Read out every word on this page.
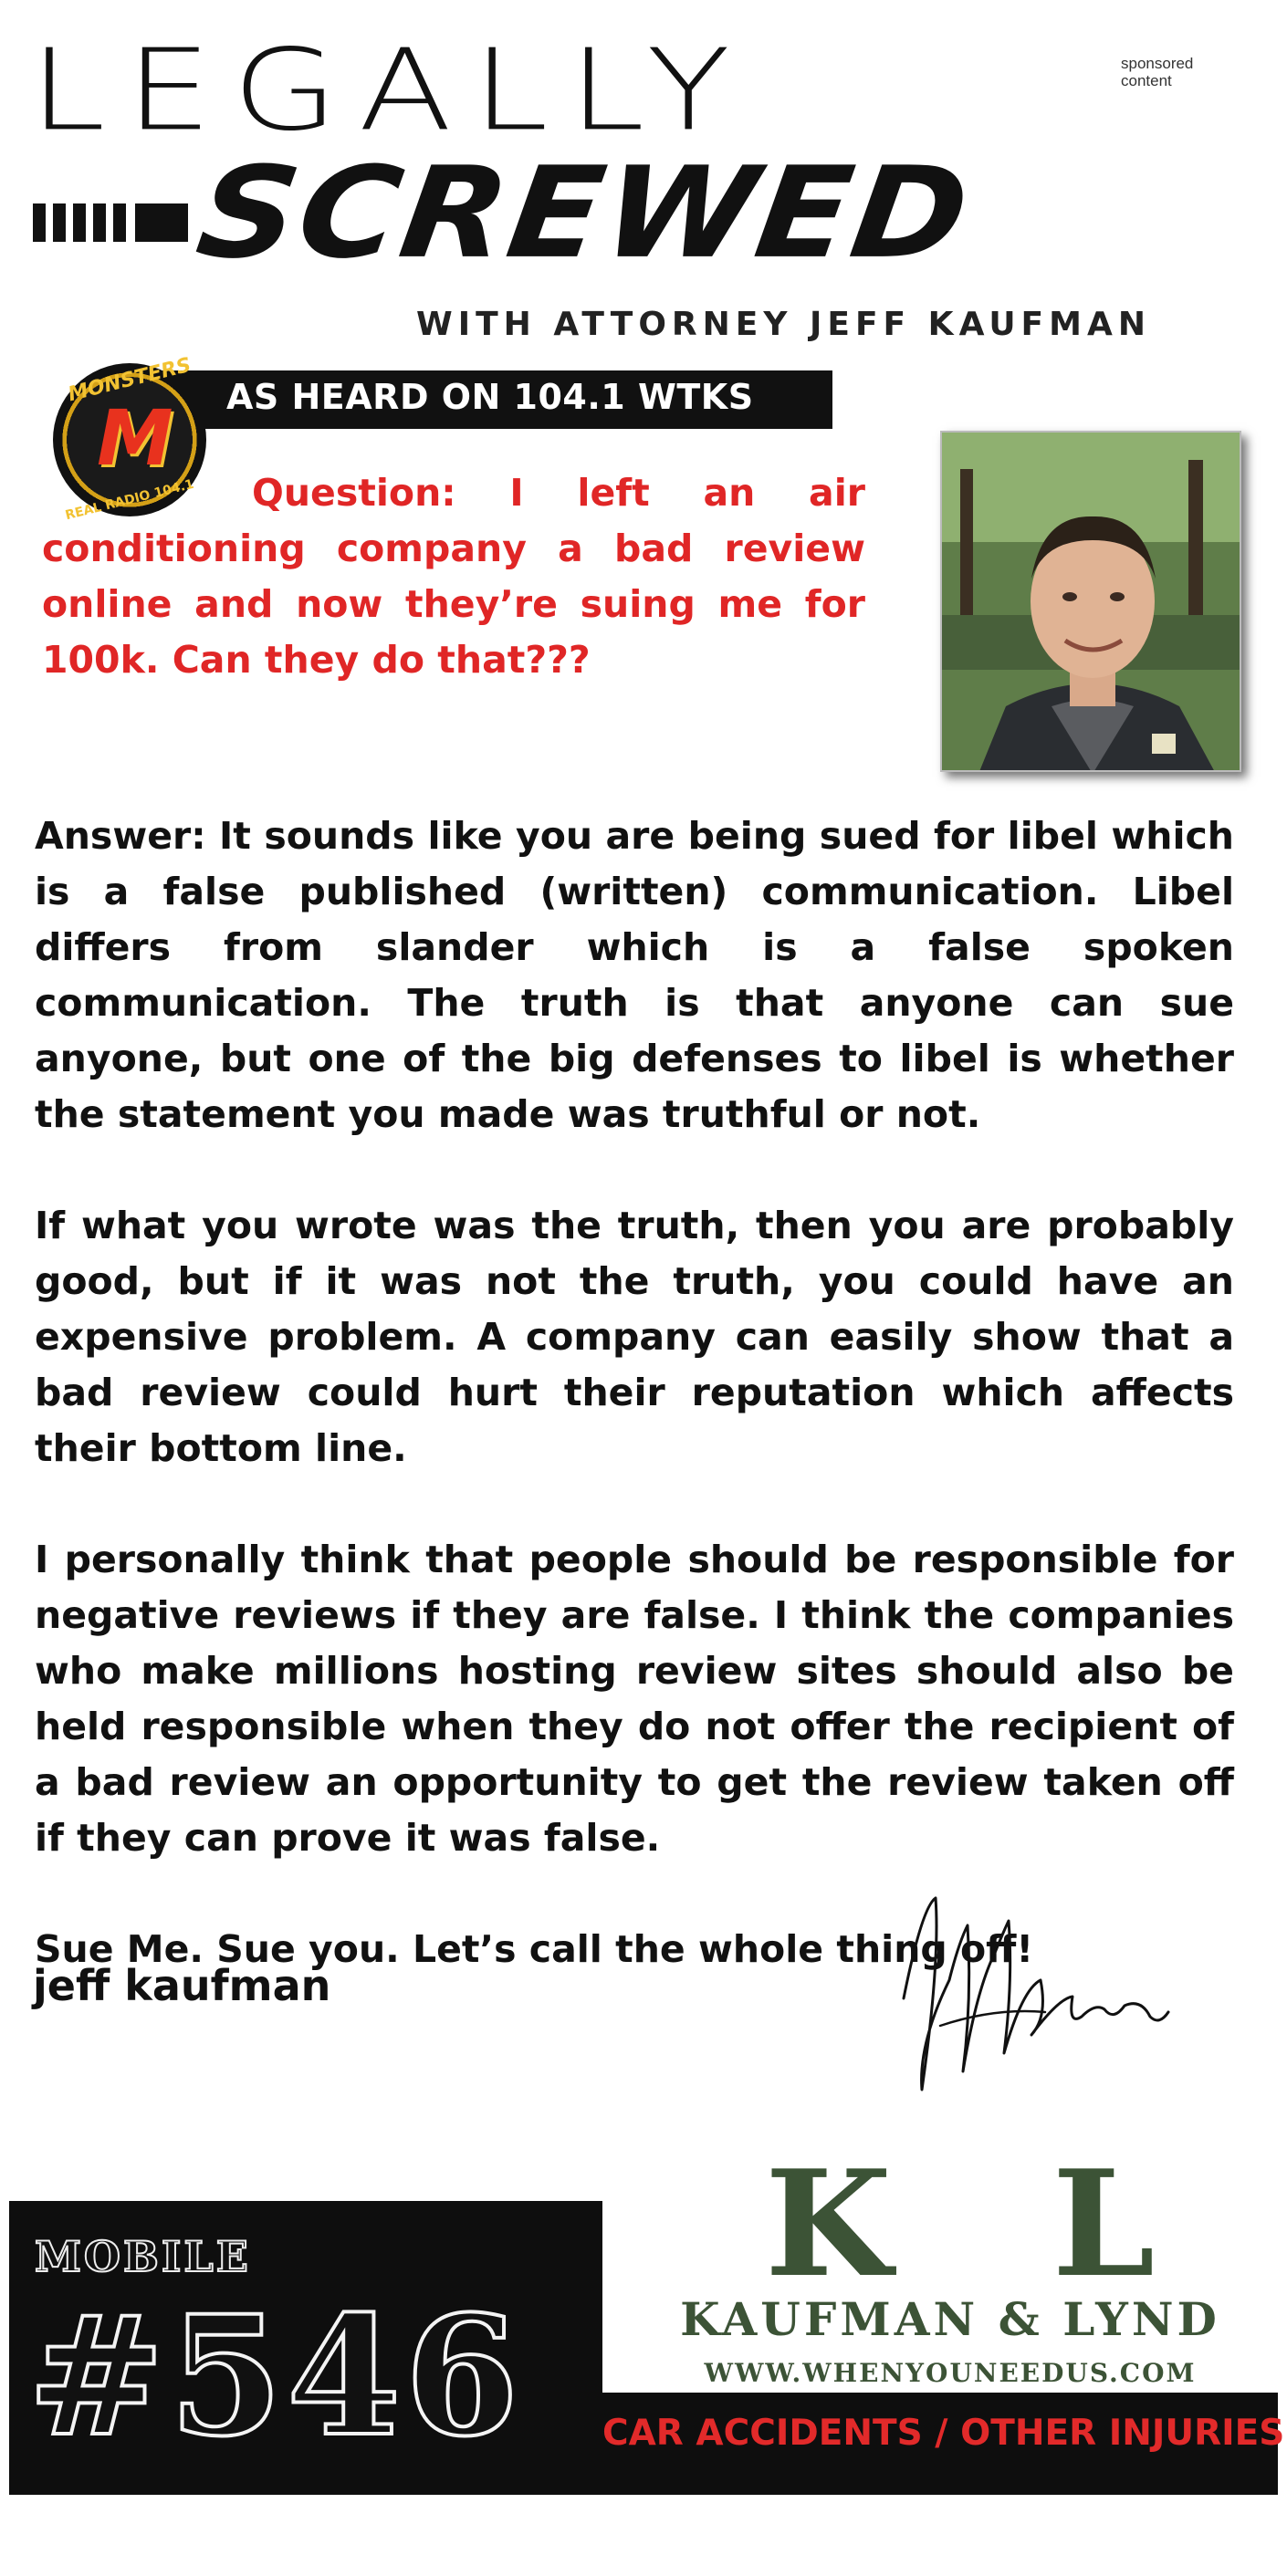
sponsored
content
LEGALLY
SCREWED
WITH ATTORNEY JEFF KAUFMAN
AS HEARD ON 104.1 WTKS
MONSTERS
M
REAL RADIO 104.1	Question: I left an air conditioning company a bad review online and now they’re suing me for 100k. Can they do that???

Answer: It sounds like you are being sued for libel which is a false published (written) communication. Libel differs from slander which is a false spoken communication. The truth is that anyone can sue anyone, but one of the big defenses to libel is whether the statement you made was truthful or not.

If what you wrote was the truth, then you are probably good, but if it was not the truth, you could have an expensive problem. A company can easily show that a bad review could hurt their reputation which affects their bottom line.

I personally think that people should be responsible for negative reviews if they are false. I think the companies who make millions hosting review sites should also be held responsible when they do not offer the recipient of a bad review an opportunity to get the review taken off if they can prove it was false.

Sue Me. Sue you. Let’s call the whole thing off!

jeff kaufman
MOBILE
#546
K L
KAUFMAN & LYND
WWW.WHENYOUNEEDUS.COM
CAR ACCIDENTS / OTHER INJURIES
